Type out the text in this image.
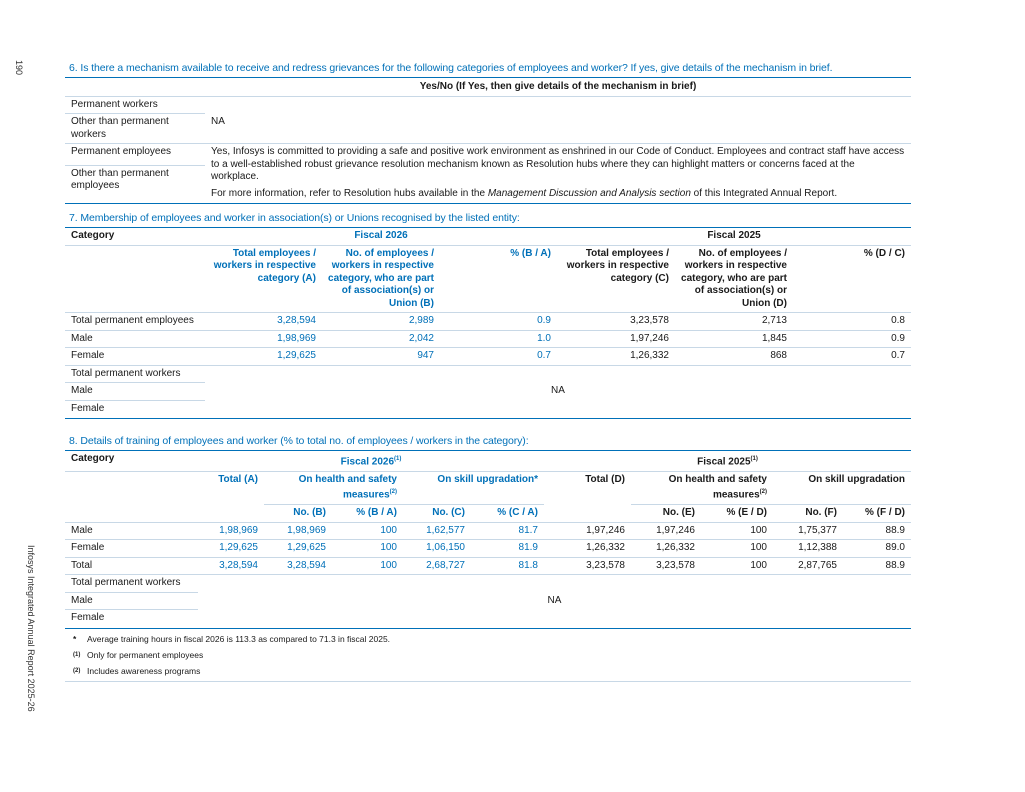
190
Infosys Integrated Annual Report 2025-26
6. Is there a mechanism available to receive and redress grievances for the following categories of employees and worker? If yes, give details of the mechanism in brief.
	Yes/No (If Yes, then give details of the mechanism in brief)
Permanent workers	
Other than permanent workers	NA
Permanent employees	Yes, Infosys is committed to providing a safe and positive work environment as enshrined in our Code of Conduct. Employees and contract staff have access to a well-established robust grievance resolution mechanism known as Resolution hubs where they can highlight matters or concerns faced at the workplace.
For more information, refer to Resolution hubs available in the Management Discussion and Analysis section of this Integrated Annual Report.

Other than permanent employees	

7. Membership of employees and worker in association(s) or Unions recognised by the listed entity:
Category	Fiscal 2026			Fiscal 2025		
	Total employees / workers in respective category (A)	No. of employees / workers in respective category, who are part of association(s) or Union (B)	% (B / A)	Total employees / workers in respective category (C)	No. of employees / workers in respective category, who are part of association(s) or Union (D)	% (D / C)
Total permanent employees	3,28,594	2,989	0.9	3,23,578	2,713	0.8
Male	1,98,969	2,042	1.0	1,97,246	1,845	0.9
Female	1,29,625	947	0.7	1,26,332	868	0.7
Total permanent workers	NA					
Male						
Female						

8. Details of training of employees and worker (% to total no. of employees / workers in the category):
Category	Fiscal 2026$^{(1)}$					Fiscal 2025$^{(1)}$
	Total (A)	On health and safety measures$^{(2)}$		On skill upgradation*		Total (D)	On health and safety measures$^{(2)}$		On skill upgradation	
		No. (B)	% (B / A)	No. (C)	% (C / A)		No. (E)	% (E / D)	No. (F)	% (F / D)
Male	1,98,969	1,98,969	100	1,62,577	81.7	1,97,246	1,97,246	100	1,75,377	88.9
Female	1,29,625	1,29,625	100	1,06,150	81.9	1,26,332	1,26,332	100	1,12,388	89.0
Total	3,28,594	3,28,594	100	2,68,727	81.8	3,23,578	3,23,578	100	2,87,765	88.9
Total permanent workers	NA									
Male										
Female										

*	Average training hours in fiscal 2026 is 113.3 as compared to 71.3 in fiscal 2025.
(1) Only for permanent employees
(2) Includes awareness programs
